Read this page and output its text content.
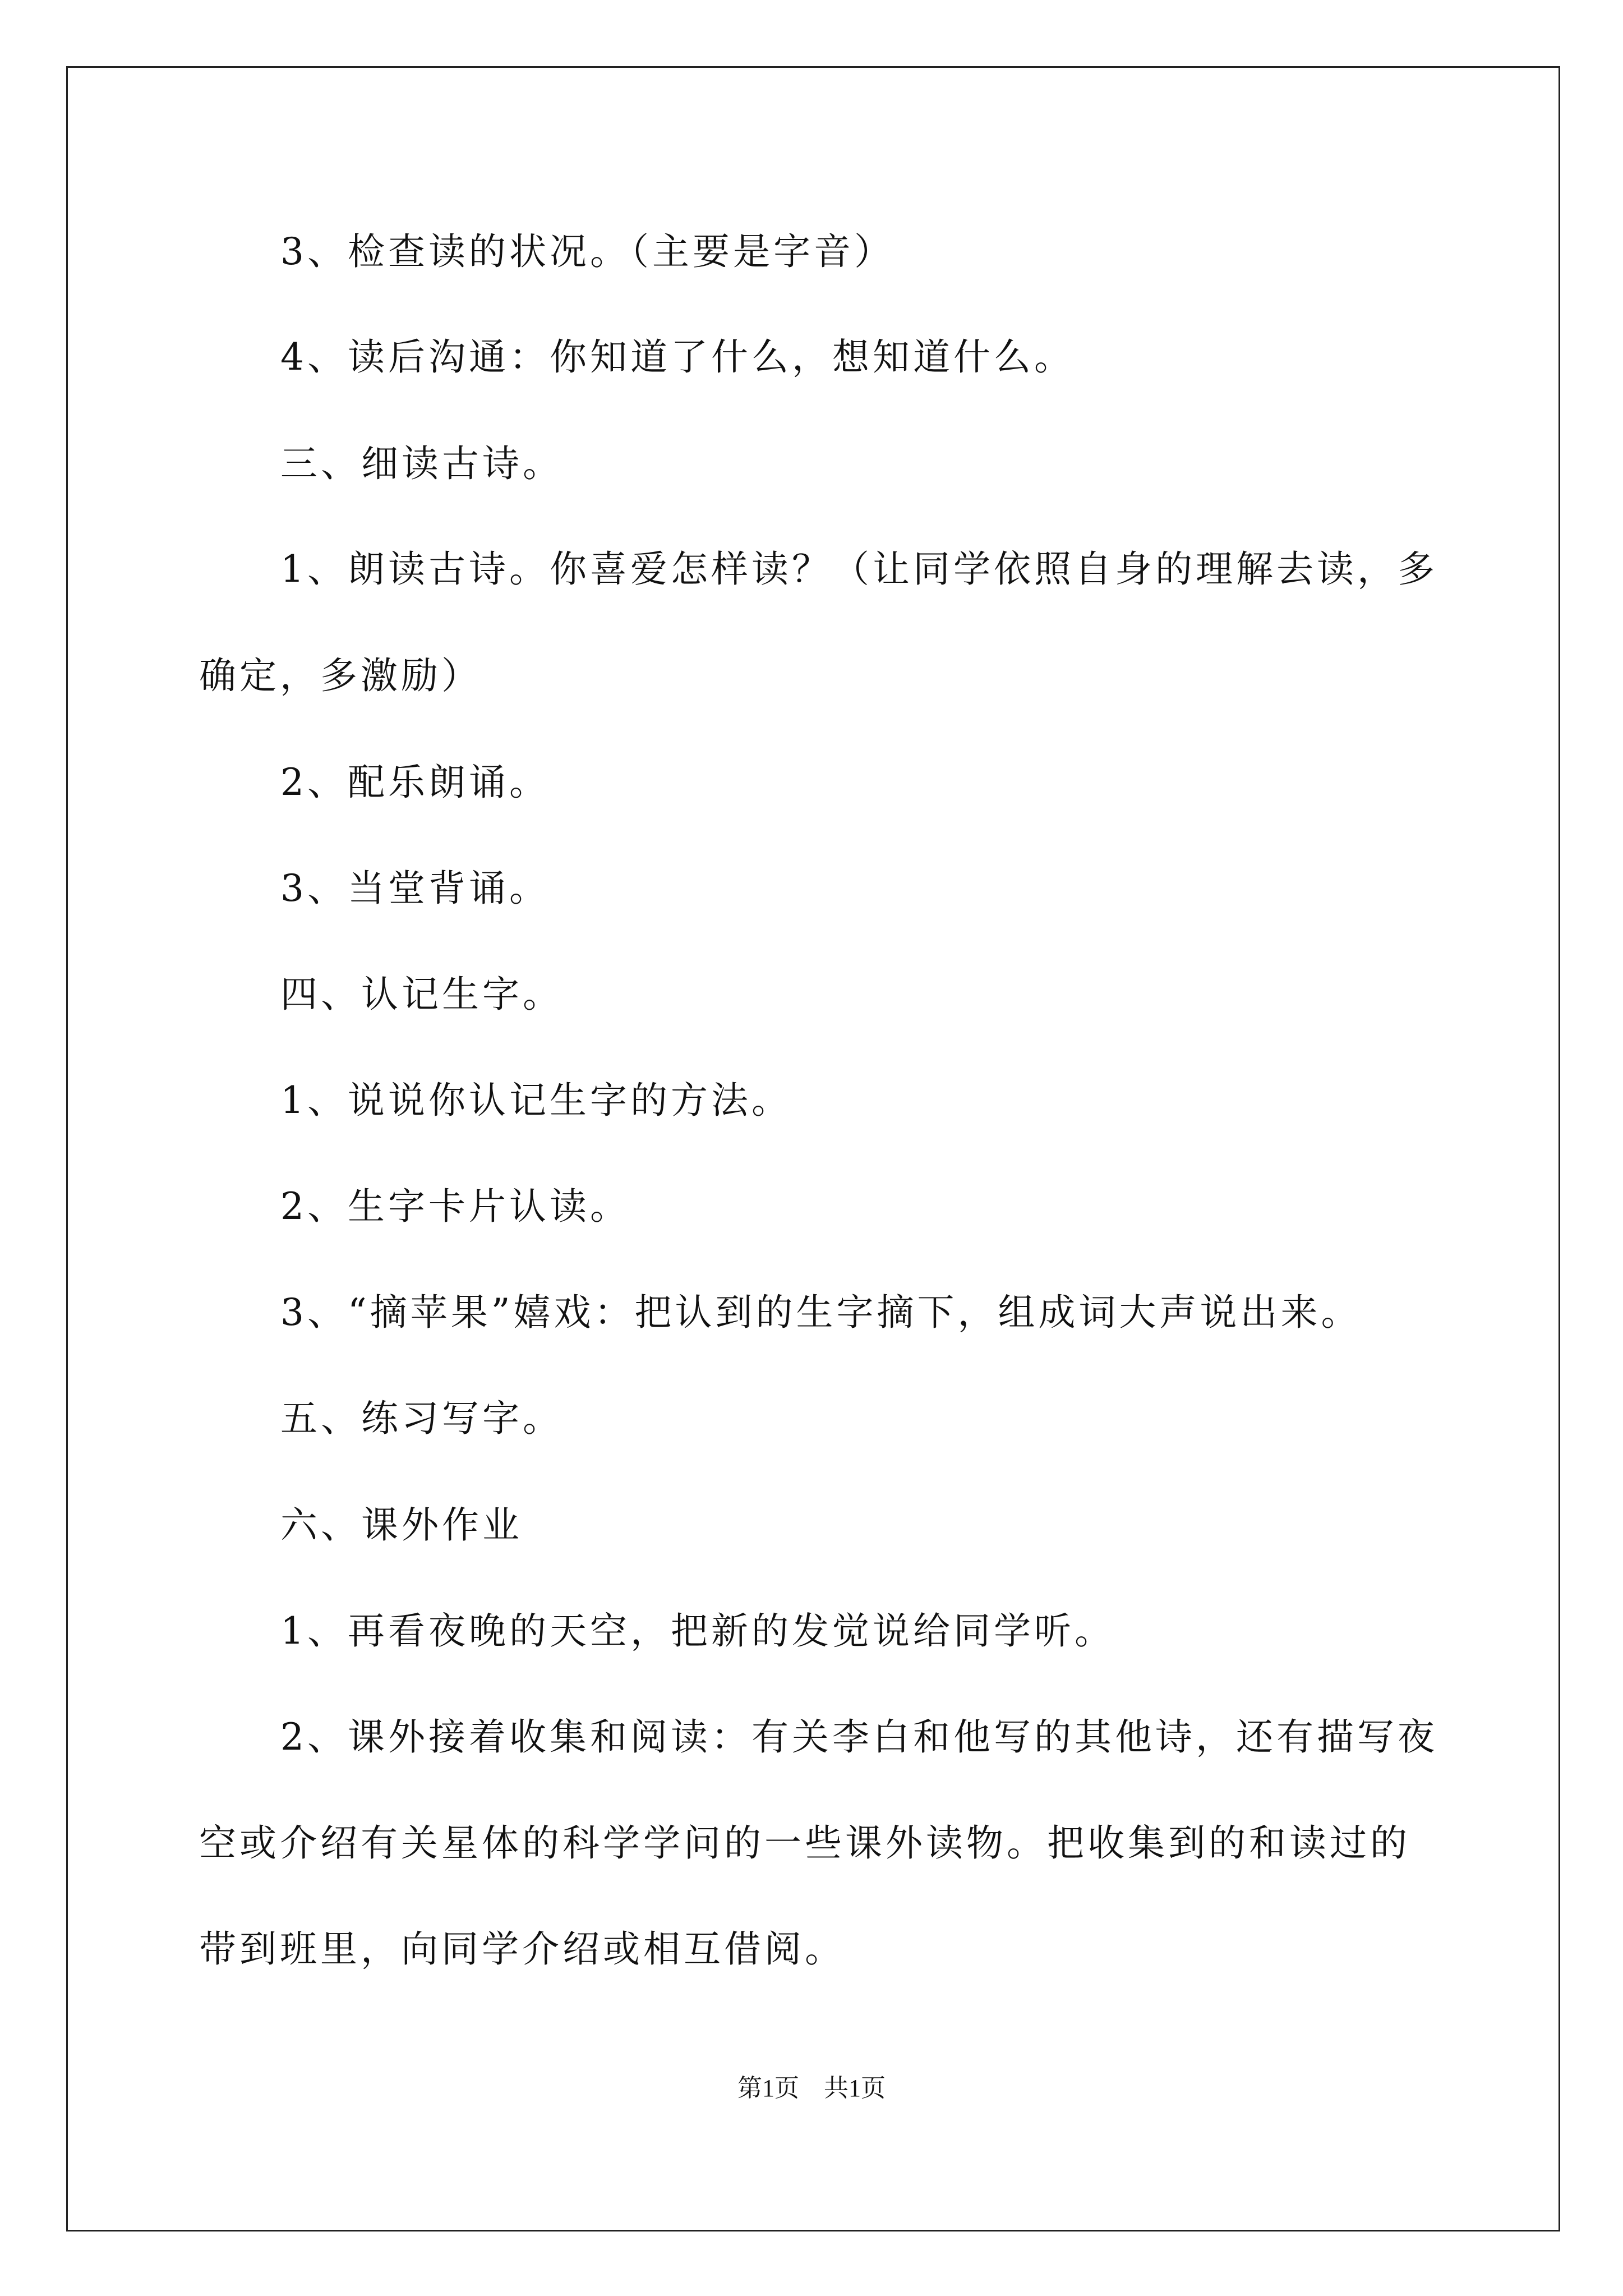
3、检查读的状况。（主要是字音）
4、读后沟通：你知道了什么，想知道什么。
三、细读古诗。
1、朗读古诗。你喜爱怎样读？（让同学依照自身的理解去读，多
确定，多激励）
2、配乐朗诵。
3、当堂背诵。
四、认记生字。
1、说说你认记生字的方法。
2、生字卡片认读。
3、“摘苹果”嬉戏：把认到的生字摘下，组成词大声说出来。
五、练习写字。
六、课外作业
1、再看夜晚的天空，把新的发觉说给同学听。
2、课外接着收集和阅读：有关李白和他写的其他诗，还有描写夜
空或介绍有关星体的科学学问的一些课外读物。把收集到的和读过的
带到班里，向同学介绍或相互借阅。
第1页　共1页
